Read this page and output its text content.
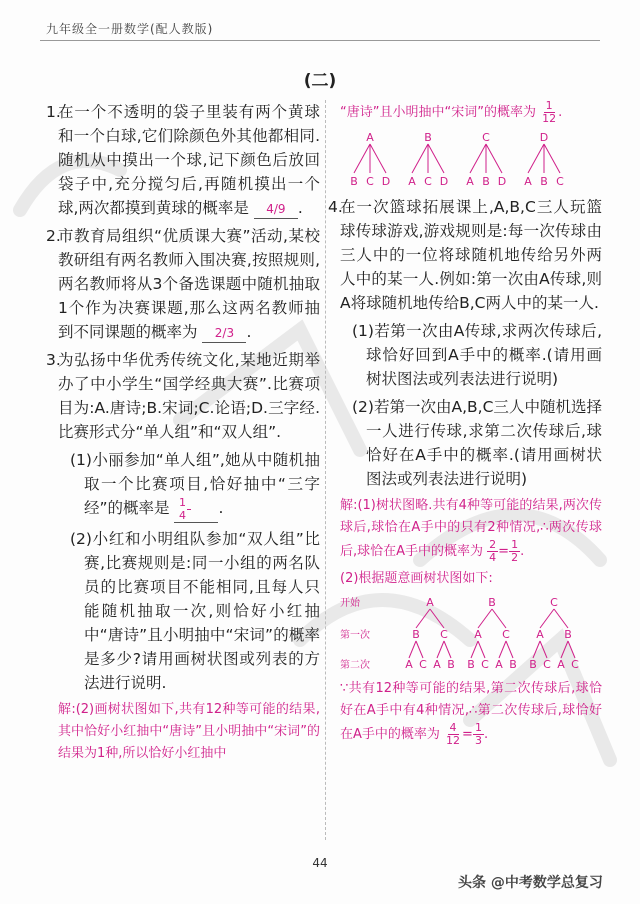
九年级全一册数学(配人教版)
(二)
1.
在一个不透明的袋子里装有两个黄球和一个白球,它们除颜色外其他都相同.随机从中摸出一个球,记下颜色后放回袋子中,充分搅匀后,再随机摸出一个球,两次都摸到黄球的概率是 4/9 .
2.
市教育局组织“优质课大赛”活动,某校教研组有两名教师入围决赛,按照规则,两名教师将从3个备选课题中随机抽取1个作为决赛课题,那么这两名教师抽到不同课题的概率为 2/3 .
3.
为弘扬中华优秀传统文化,某地近期举办了中小学生“国学经典大赛”.比赛项目为:A.唐诗;B.宋词;C.论语;D.三字经.比赛形式分“单人组”和“双人组”.
(1)小丽参加“单人组”,她从中随机抽取一个比赛项目,恰好抽中“三字经”的概率是 $\frac{1}{4}$ .
(2)小红和小明组队参加“双人组”比赛,比赛规则是:同一小组的两名队员的比赛项目不能相同,且每人只能随机抽取一次,则恰好小红抽中“唐诗”且小明抽中“宋词”的概率是多少?请用画树状图或列表的方法进行说明.
解:(2)画树状图如下,共有12种等可能的结果,其中恰好小红抽中“唐诗”且小明抽中“宋词”的结果为1种,所以恰好小红抽中
“唐诗”且小明抽中“宋词”的概率为 $\frac{1}{12}$ .
A
B C D
B
A C D
C
A B D
D
A B C
4.
在一次篮球拓展课上,A,B,C三人玩篮球传球游戏,游戏规则是:每一次传球由三人中的一位将球随机地传给另外两人中的某一人.例如:第一次由A传球,则A将球随机地传给B,C两人中的某一人.
(1)若第一次由A传球,求两次传球后,球恰好回到A手中的概率.(请用画树状图法或列表法进行说明)
(2)若第一次由A,B,C三人中随机选择一人进行传球,求第二次传球后,球恰好在A手中的概率.(请用画树状图法或列表法进行说明)
解:(1)树状图略.共有4种等可能的结果,两次传球后,球恰在A手中的只有2种情况,∴两次传球后,球恰在A手中的概率为 $\frac{2}{4} = \frac{1}{2}$ .
(2)根据题意画树状图如下:
开始
第一次
第二次
A
B
A C
C
A B
B
A
B C
C
A B
C
A
B C
B
A C
∵共有12种等可能的结果,第二次传球后,球恰好在A手中有4种情况,∴第二次传球后,球恰好在A手中的概率为 $\frac{4}{12} = \frac{1}{3}$ .
44
头条 @中考数学总复习
